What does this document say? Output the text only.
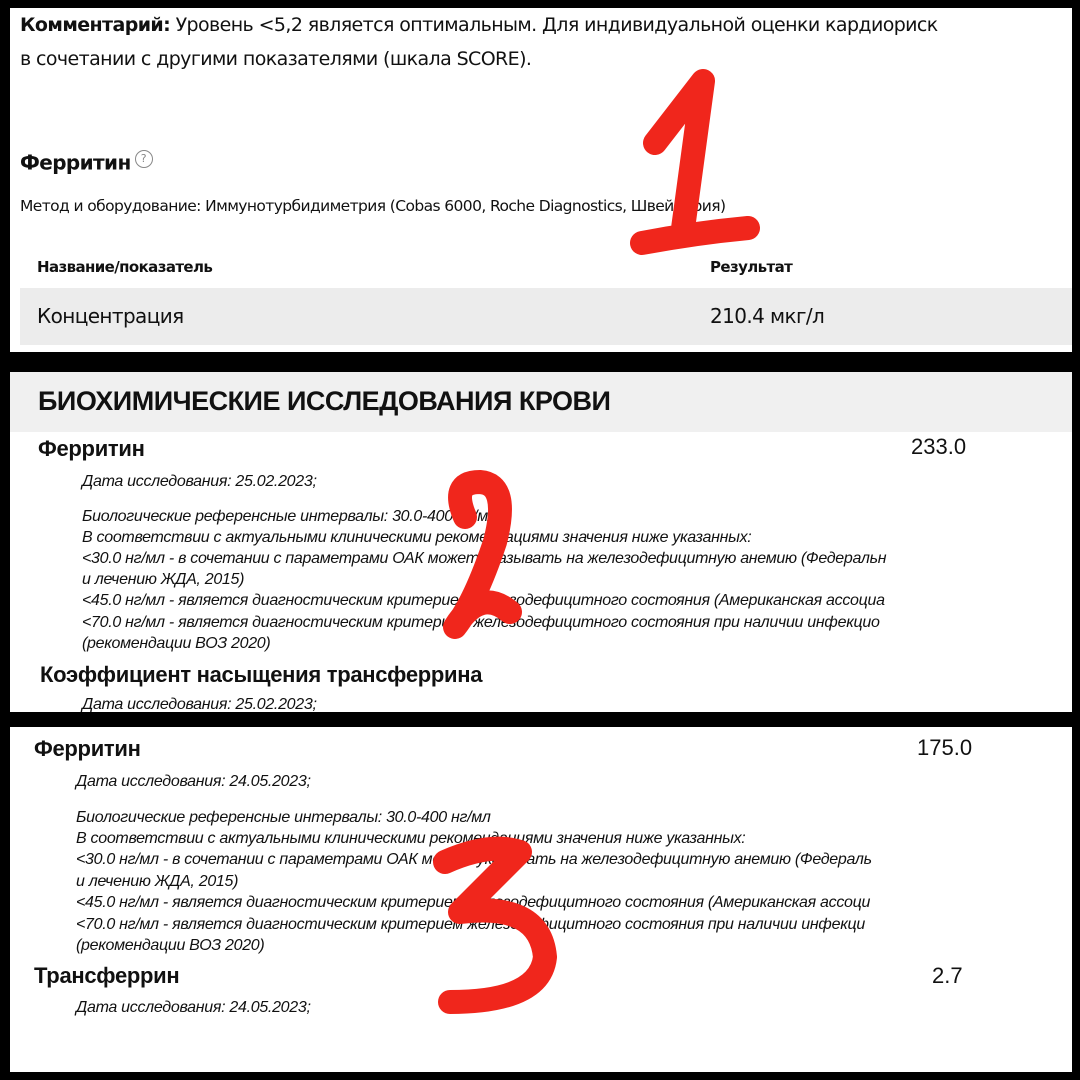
Комментарий: Уровень <5,2 является оптимальным. Для индивидуальной оценки кардиориск
в сочетании с другими показателями (шкала SCORE).
Ферритин ?
Метод и оборудование: Иммунотурбидиметрия (Cobas 6000, Roche Diagnostics, Швейцария)
Название/показатель	Результат
Концентрация	210.4 мкг/л
БИОХИМИЧЕСКИЕ ИССЛЕДОВАНИЯ КРОВИ
Ферритин	233.0
Дата исследования: 25.02.2023;
Биологические референсные интервалы: 30.0-400 нг/мл
В соответствии с актуальными клиническими рекомендациями значения ниже указанных:
<30.0 нг/мл - в сочетании с параметрами ОАК может указывать на железодефицитную анемию (Федеральн
и лечению ЖДА, 2015)
<45.0 нг/мл - является диагностическим критерием железодефицитного состояния (Американская ассоциа
<70.0 нг/мл - является диагностическим критерием железодефицитного состояния при наличии инфекцио
(рекомендации ВОЗ 2020)
Коэффициент насыщения трансферрина
Дата исследования: 25.02.2023;
Ферритин	175.0
Дата исследования: 24.05.2023;
Биологические референсные интервалы: 30.0-400 нг/мл
В соответствии с актуальными клиническими рекомендациями значения ниже указанных:
<30.0 нг/мл - в сочетании с параметрами ОАК может указывать на железодефицитную анемию (Федераль
и лечению ЖДА, 2015)
<45.0 нг/мл - является диагностическим критерием железодефицитного состояния (Американская ассоци
<70.0 нг/мл - является диагностическим критерием железодефицитного состояния при наличии инфекци
(рекомендации ВОЗ 2020)
Трансферрин	2.7
Дата исследования: 24.05.2023;
